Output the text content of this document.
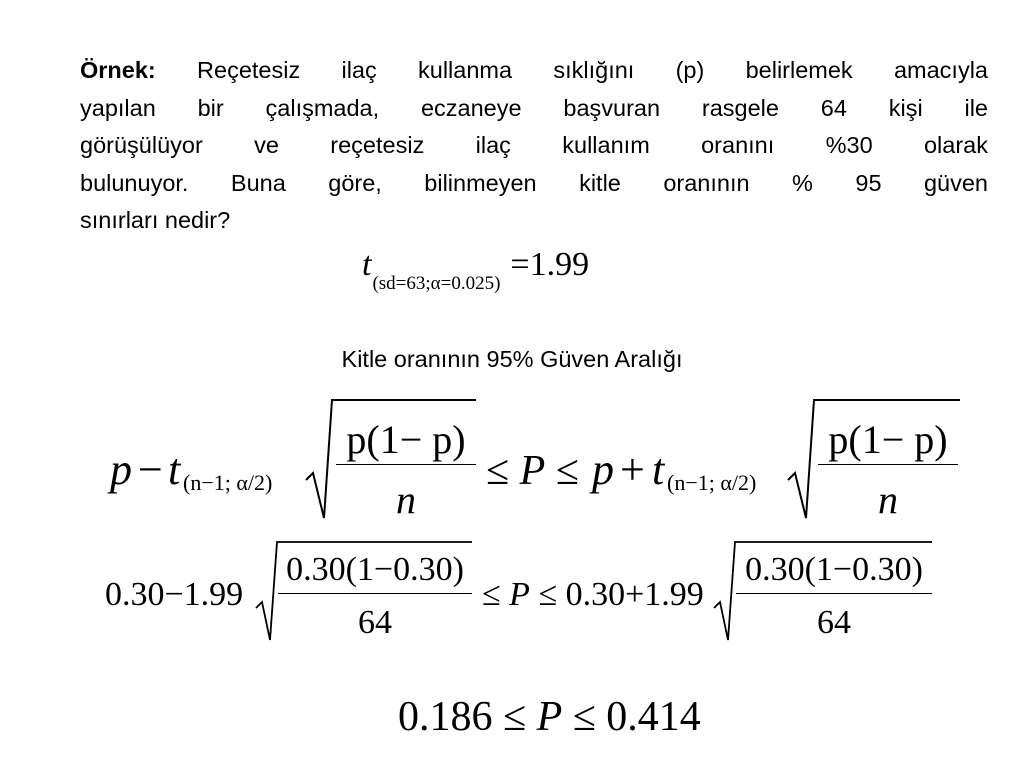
Örnek: Reçetesiz ilaç kullanma sıklığını (p) belirlemek amacıyla
yapılan bir çalışmada, eczaneye başvuran rasgele 64 kişi ile
görüşülüyor ve reçetesiz ilaç kullanım oranını %30 olarak
bulunuyor. Buna göre, bilinmeyen kitle oranının % 95 güven
sınırları nedir?
t(sd=63;α=0.025)=1.99
Kitle oranının 95% Güven Aralığı
p − t (n−1; α/2)
p(1− p)
n
≤ P ≤ p + t (n−1; α/2)
p(1− p)
n
0.30−1.99
0.30(1−0.30)
64
≤ P ≤ 0.30+1.99
0.30(1−0.30)
64
0.186 ≤ P ≤ 0.414
